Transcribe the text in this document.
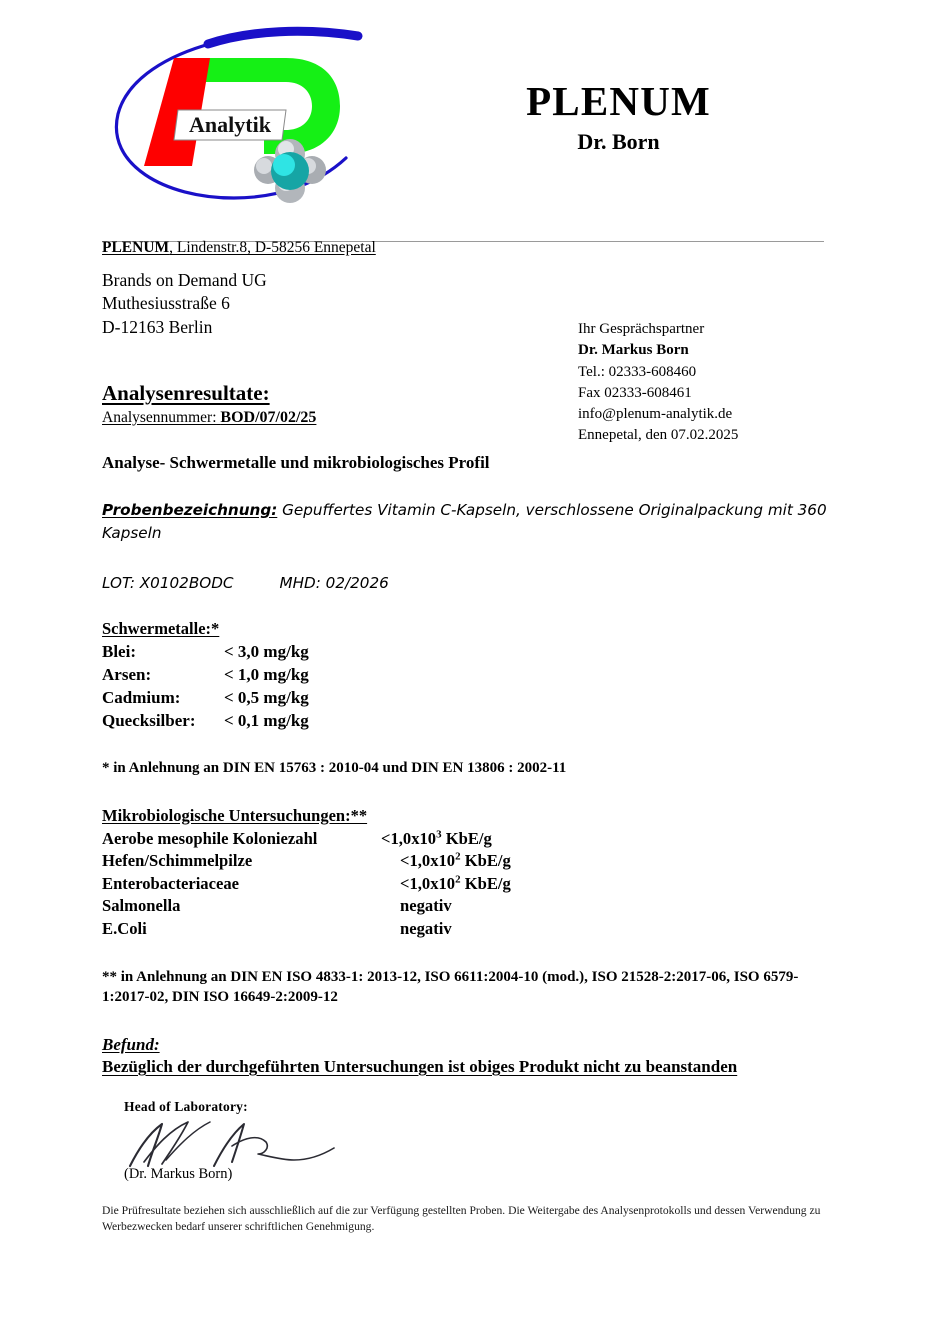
Analytik
PLENUM
Dr. Born
PLENUM, Lindenstr.8, D-58256 Ennepetal
Brands on Demand UG
Muthesiusstraße 6
D-12163 Berlin	Ihr Gesprächspartner
Dr. Markus Born
Tel.: 02333-608460
Fax 02333-608461
info@plenum-analytik.de
Ennepetal, den 07.02.2025
Analysenresultate:
Analysennummer: BOD/07/02/25
Analyse- Schwermetalle und mikrobiologisches Profil
Probenbezeichnung: Gepuffertes Vitamin C-Kapseln, verschlossene Originalpackung mit 360 Kapseln
LOT: X0102BODC	MHD: 02/2026
Schwermetalle:*
Blei:	< 3,0 mg/kg
Arsen:	< 1,0 mg/kg
Cadmium:	< 0,5 mg/kg
Quecksilber: < 0,1 mg/kg
* in Anlehnung an DIN EN 15763 : 2010-04 und DIN EN 13806 : 2002-11
Mikrobiologische Untersuchungen:**
Aerobe mesophile Koloniezahl	$<1,0x10^3$ KbE/g
Hefen/Schimmelpilze	$<1,0x10^2$ KbE/g
Enterobacteriaceae	$<1,0x10^2$ KbE/g
Salmonella	negativ
E.Coli	negativ
** in Anlehnung an DIN EN ISO 4833-1: 2013-12, ISO 6611:2004-10 (mod.), ISO 21528-2:2017-06, ISO 6579-1:2017-02, DIN ISO 16649-2:2009-12
Befund:
Bezüglich der durchgeführten Untersuchungen ist obiges Produkt nicht zu beanstanden
Head of Laboratory:
(Dr. Markus Born)
Die Prüfresultate beziehen sich ausschließlich auf die zur Verfügung gestellten Proben. Die Weitergabe des Analysenprotokolls und dessen Verwendung zu Werbezwecken bedarf unserer schriftlichen Genehmigung.
